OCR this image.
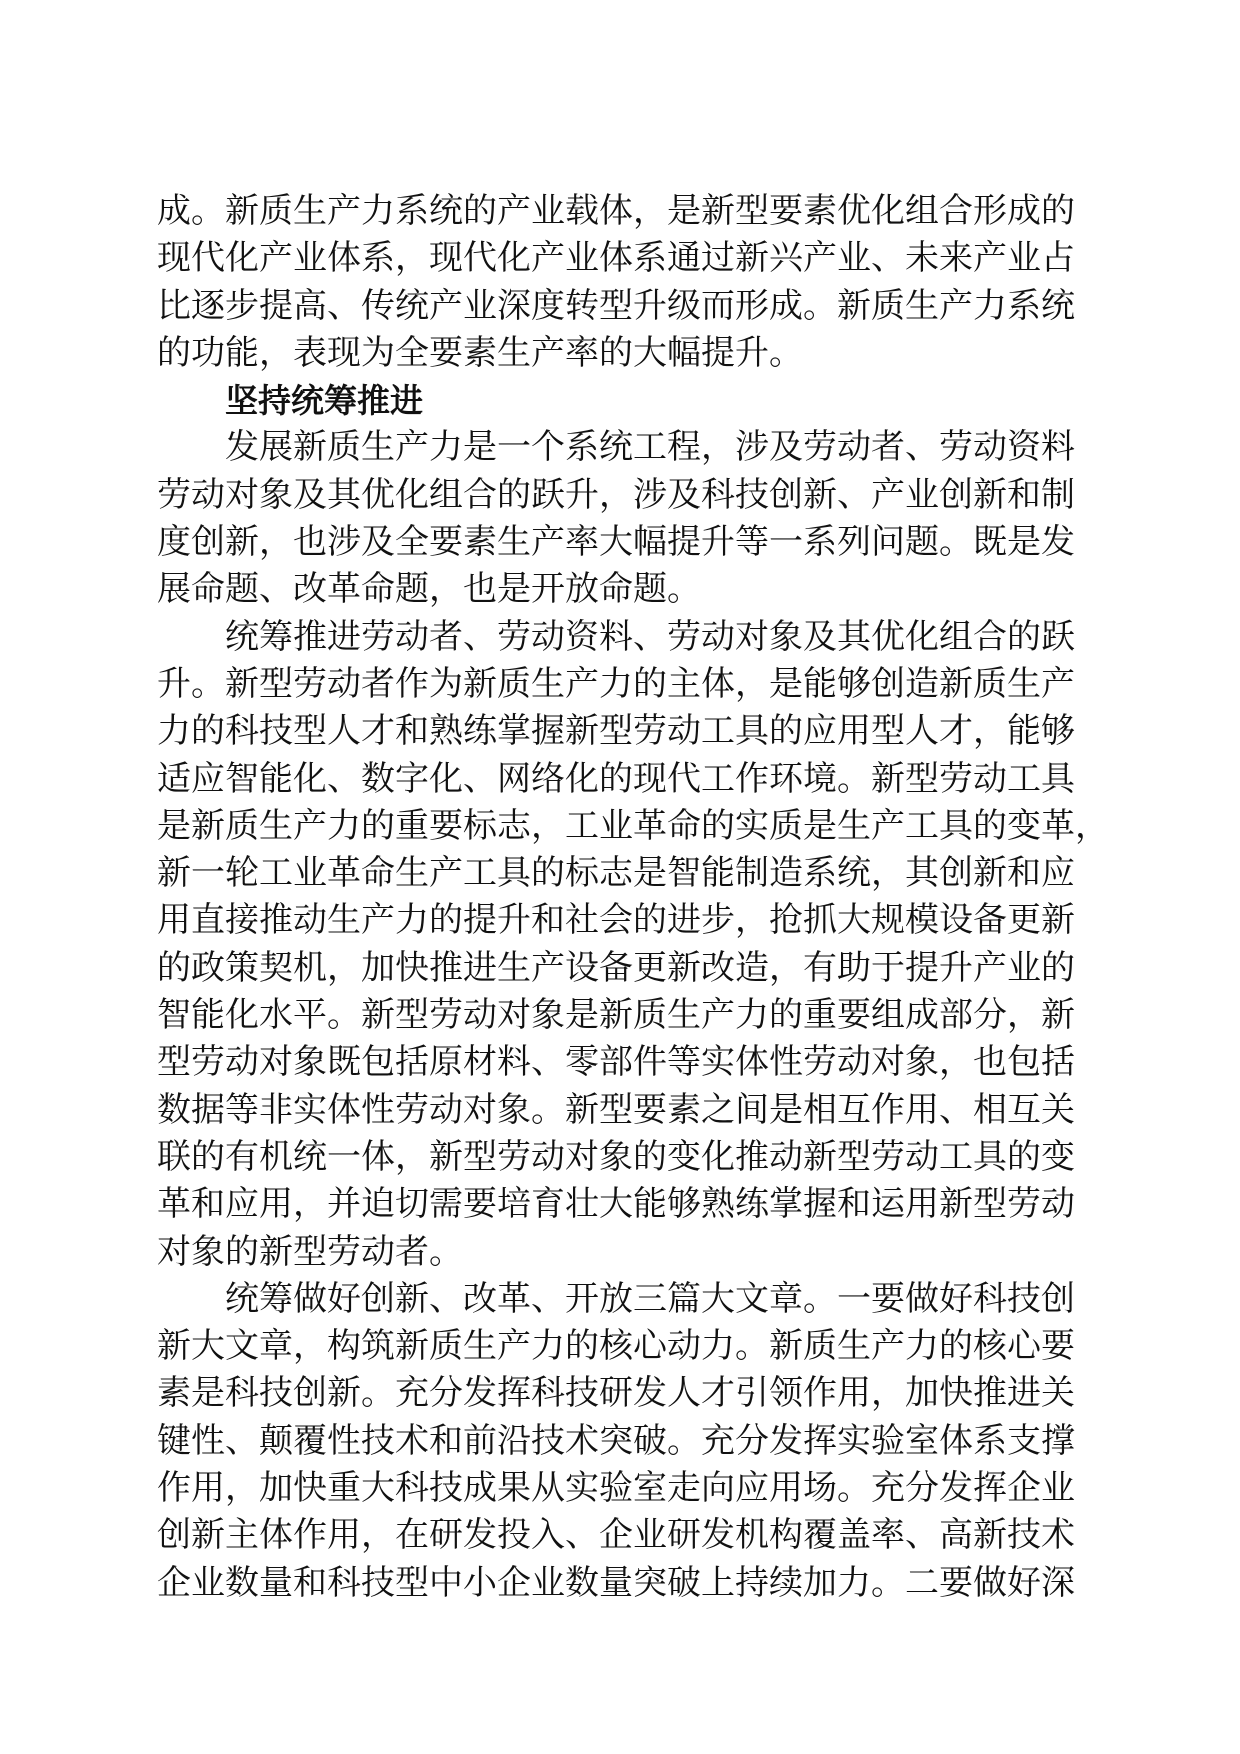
成。新质生产力系统的产业载体，是新型要素优化组合形成的
现代化产业体系，现代化产业体系通过新兴产业、未来产业占
比逐步提高、传统产业深度转型升级而形成。新质生产力系统
的功能，表现为全要素生产率的大幅提升。
坚持统筹推进
发展新质生产力是一个系统工程，涉及劳动者、劳动资料
劳动对象及其优化组合的跃升，涉及科技创新、产业创新和制
度创新，也涉及全要素生产率大幅提升等一系列问题。既是发
展命题、改革命题，也是开放命题。
统筹推进劳动者、劳动资料、劳动对象及其优化组合的跃
升。新型劳动者作为新质生产力的主体，是能够创造新质生产
力的科技型人才和熟练掌握新型劳动工具的应用型人才，能够
适应智能化、数字化、网络化的现代工作环境。新型劳动工具
是新质生产力的重要标志，工业革命的实质是生产工具的变革，
新一轮工业革命生产工具的标志是智能制造系统，其创新和应
用直接推动生产力的提升和社会的进步，抢抓大规模设备更新
的政策契机，加快推进生产设备更新改造，有助于提升产业的
智能化水平。新型劳动对象是新质生产力的重要组成部分，新
型劳动对象既包括原材料、零部件等实体性劳动对象，也包括
数据等非实体性劳动对象。新型要素之间是相互作用、相互关
联的有机统一体，新型劳动对象的变化推动新型劳动工具的变
革和应用，并迫切需要培育壮大能够熟练掌握和运用新型劳动
对象的新型劳动者。
统筹做好创新、改革、开放三篇大文章。一要做好科技创
新大文章，构筑新质生产力的核心动力。新质生产力的核心要
素是科技创新。充分发挥科技研发人才引领作用，加快推进关
键性、颠覆性技术和前沿技术突破。充分发挥实验室体系支撑
作用，加快重大科技成果从实验室走向应用场。充分发挥企业
创新主体作用，在研发投入、企业研发机构覆盖率、高新技术
企业数量和科技型中小企业数量突破上持续加力。二要做好深
